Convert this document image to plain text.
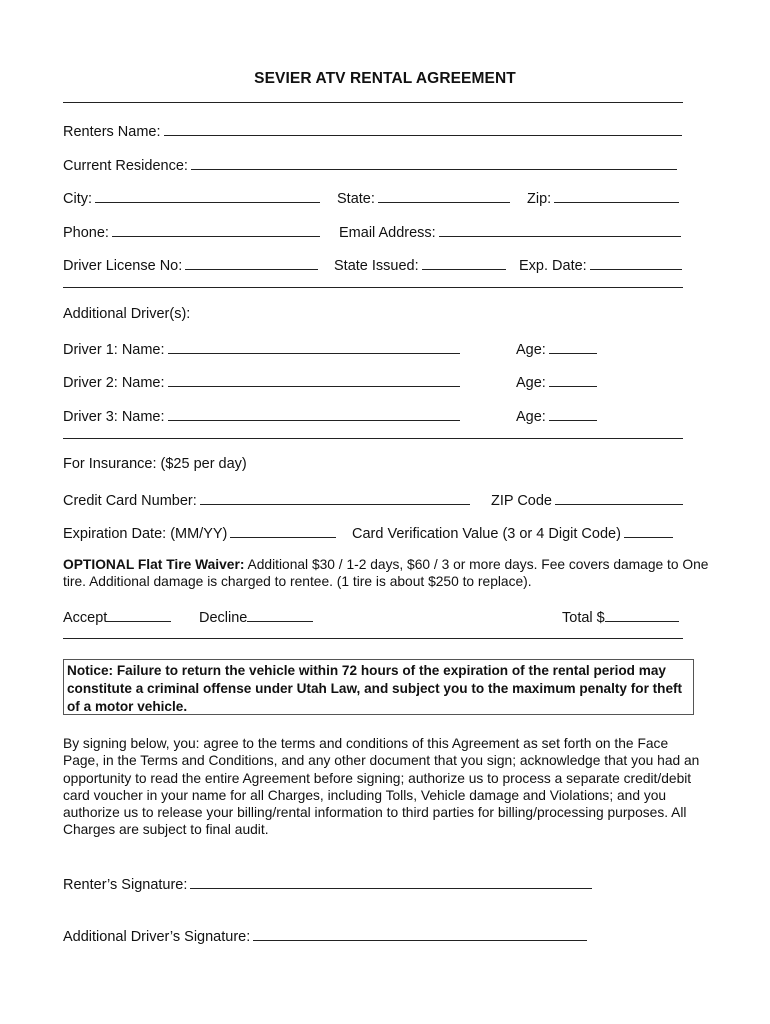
SEVIER ATV RENTAL AGREEMENT
Renters Name:
Current Residence:
City:	State:	Zip:
Phone:	Email Address:
Driver License No:	State Issued:	Exp. Date:
Additional Driver(s):
Driver 1: Name:	Age:
Driver 2: Name:	Age:
Driver 3: Name:	Age:
For Insurance: ($25 per day)
Credit Card Number:	ZIP Code
Expiration Date: (MM/YY)	Card Verification Value (3 or 4 Digit Code)
OPTIONAL Flat Tire Waiver: Additional $30 / 1-2 days, $60 / 3 or more days. Fee covers damage to One tire. Additional damage is charged to rentee. (1 tire is about $250 to replace).
Accept	Decline	Total $
Notice: Failure to return the vehicle within 72 hours of the expiration of the rental period may constitute a criminal offense under Utah Law, and subject you to the maximum penalty for theft of a motor vehicle.
By signing below, you: agree to the terms and conditions of this Agreement as set forth on the Face Page, in the Terms and Conditions, and any other document that you sign; acknowledge that you had an opportunity to read the entire Agreement before signing; authorize us to process a separate credit/debit card voucher in your name for all Charges, including Tolls, Vehicle damage and Violations; and you authorize us to release your billing/rental information to third parties for billing/processing purposes. All Charges are subject to final audit.
Renter’s Signature:
Additional Driver’s Signature:
